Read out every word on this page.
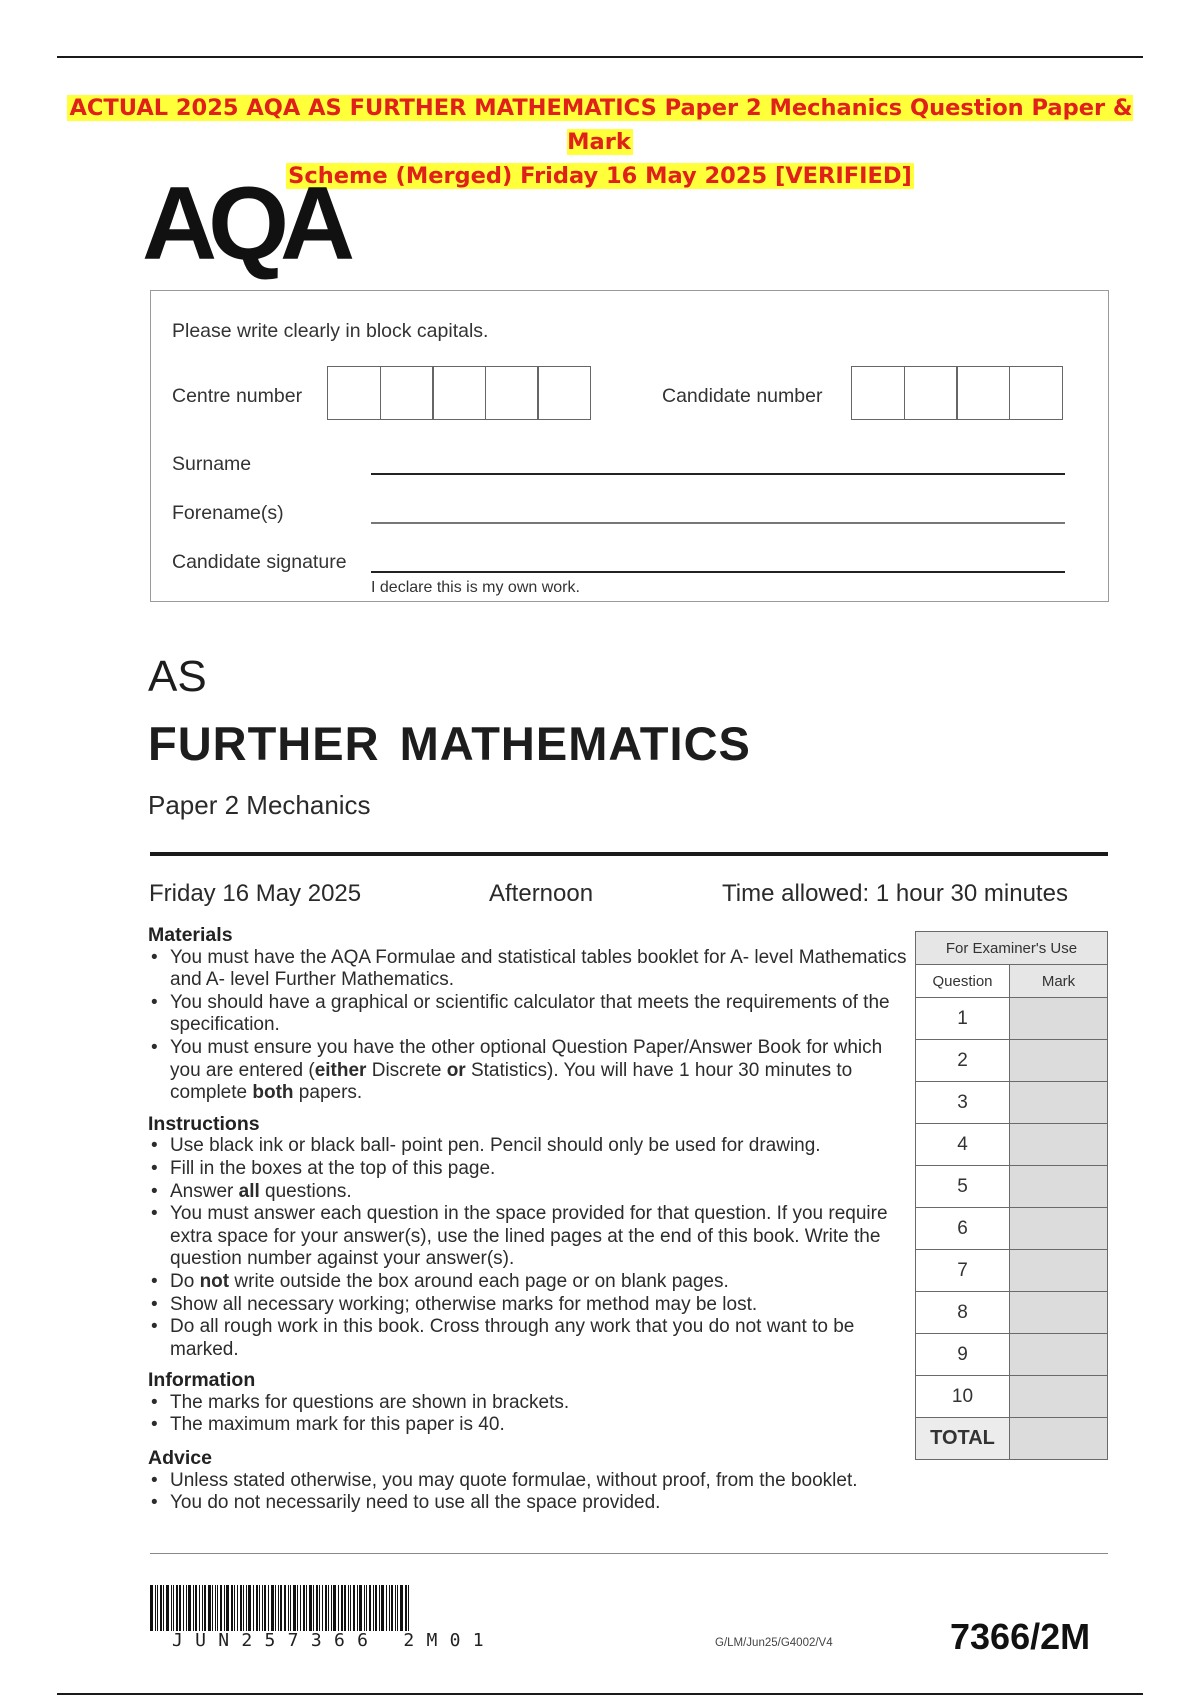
ACTUAL 2025 AQA AS FURTHER MATHEMATICS Paper 2 Mechanics Question Paper & Mark
Scheme (Merged) Friday 16 May 2025 [VERIFIED]
AQA
Please write clearly in block capitals.
Centre number	Candidate number
Surname
Forename(s)
Candidate signature
I declare this is my own work.
AS
FURTHER MATHEMATICS
Paper 2 Mechanics
Friday 16 May 2025	Afternoon	Time allowed: 1 hour 30 minutes
Materials
• You must have the AQA Formulae and statistical tables booklet for A- level Mathematics and A- level Further Mathematics.
• You should have a graphical or scientific calculator that meets the requirements of the specification.
• You must ensure you have the other optional Question Paper/Answer Book for which you are entered (either Discrete or Statistics). You will have 1 hour 30 minutes to complete both papers.
Instructions
• Use black ink or black ball- point pen. Pencil should only be used for drawing.
• Fill in the boxes at the top of this page.
• Answer all questions.
• You must answer each question in the space provided for that question. If you require extra space for your answer(s), use the lined pages at the end of this book. Write the question number against your answer(s).
• Do not write outside the box around each page or on blank pages.
• Show all necessary working; otherwise marks for method may be lost.
• Do all rough work in this book. Cross through any work that you do not want to be marked.
Information
• The marks for questions are shown in brackets.
• The maximum mark for this paper is 40.
Advice
• Unless stated otherwise, you may quote formulae, without proof, from the booklet.
• You do not necessarily need to use all the space provided.
For Examiner's Use	
Question	Mark
1	
2	
3	
4	
5	
6	
7	
8	
9	
10	
TOTAL	
JUN257366 2M01	G/LM/Jun25/G4002/V4	7366/2M
